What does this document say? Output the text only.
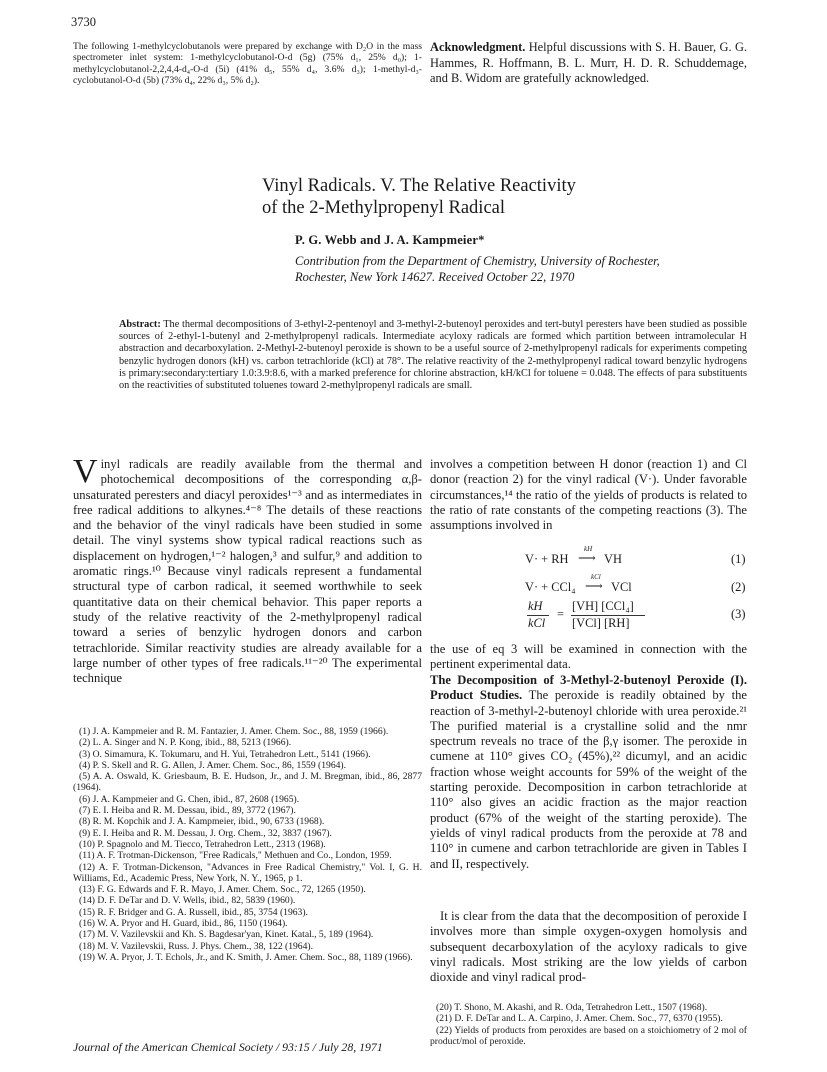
3730
The following 1-methylcyclobutanols were prepared by exchange with D₂O in the mass spectrometer inlet system: 1-methylcyclobutanol-O-d (5g) (75% d₁, 25% d₀); 1-methylcyclobutanol-2,2,4,4-d₄-O-d (5i) (41% d₅, 55% d₄, 3.6% d₃); 1-methyl-d₃-cyclobutanol-O-d (5b) (73% d₄, 22% d₃, 5% d₂).
Acknowledgment. Helpful discussions with S. H. Bauer, G. G. Hammes, R. Hoffmann, B. L. Murr, H. D. R. Schuddemage, and B. Widom are gratefully acknowledged.
Vinyl Radicals. V. The Relative Reactivity
of the 2-Methylpropenyl Radical
P. G. Webb and J. A. Kampmeier*
Contribution from the Department of Chemistry, University of Rochester,
Rochester, New York 14627. Received October 22, 1970
Abstract: The thermal decompositions of 3-ethyl-2-pentenoyl and 3-methyl-2-butenoyl peroxides and tert-butyl peresters have been studied as possible sources of 2-ethyl-1-butenyl and 2-methylpropenyl radicals. Intermediate acyloxy radicals are formed which partition between intramolecular H abstraction and decarboxylation. 2-Methyl-2-butenoyl peroxide is shown to be a useful source of 2-methylpropenyl radicals for experiments competing benzylic hydrogen donors (kH) vs. carbon tetrachloride (kCl) at 78°. The relative reactivity of the 2-methylpropenyl radical toward benzylic hydrogens is primary:secondary:tertiary 1.0:3.9:8.6, with a marked preference for chlorine abstraction, kH/kCl for toluene = 0.048. The effects of para substituents on the reactivities of substituted toluenes toward 2-methylpropenyl radicals are small.
Vinyl radicals are readily available from the thermal and photochemical decompositions of the corresponding α,β-unsaturated peresters and diacyl peroxides¹⁻³ and as intermediates in free radical additions to alkynes.⁴⁻⁸ The details of these reactions and the behavior of the vinyl radicals have been studied in some detail. The vinyl systems show typical radical reactions such as displacement on hydrogen,¹⁻² halogen,³ and sulfur,⁹ and addition to aromatic rings.¹⁰ Because vinyl radicals represent a fundamental structural type of carbon radical, it seemed worthwhile to seek quantitative data on their chemical behavior. This paper reports a study of the relative reactivity of the 2-methylpropenyl radical toward a series of benzylic hydrogen donors and carbon tetrachloride. Similar reactivity studies are already available for a large number of other types of free radicals.¹¹⁻²⁰ The experimental technique

(1) J. A. Kampmeier and R. M. Fantazier, J. Amer. Chem. Soc., 88, 1959 (1966).

(2) L. A. Singer and N. P. Kong, ibid., 88, 5213 (1966).

(3) O. Simamura, K. Tokumaru, and H. Yui, Tetrahedron Lett., 5141 (1966).

(4) P. S. Skell and R. G. Allen, J. Amer. Chem. Soc., 86, 1559 (1964).

(5) A. A. Oswald, K. Griesbaum, B. E. Hudson, Jr., and J. M. Bregman, ibid., 86, 2877 (1964).

(6) J. A. Kampmeier and G. Chen, ibid., 87, 2608 (1965).

(7) E. I. Heiba and R. M. Dessau, ibid., 89, 3772 (1967).

(8) R. M. Kopchik and J. A. Kampmeier, ibid., 90, 6733 (1968).

(9) E. I. Heiba and R. M. Dessau, J. Org. Chem., 32, 3837 (1967).

(10) P. Spagnolo and M. Tiecco, Tetrahedron Lett., 2313 (1968).

(11) A. F. Trotman-Dickenson, "Free Radicals," Methuen and Co., London, 1959.

(12) A. F. Trotman-Dickenson, "Advances in Free Radical Chemistry," Vol. I, G. H. Williams, Ed., Academic Press, New York, N. Y., 1965, p 1.

(13) F. G. Edwards and F. R. Mayo, J. Amer. Chem. Soc., 72, 1265 (1950).

(14) D. F. DeTar and D. V. Wells, ibid., 82, 5839 (1960).

(15) R. F. Bridger and G. A. Russell, ibid., 85, 3754 (1963).

(16) W. A. Pryor and H. Guard, ibid., 86, 1150 (1964).

(17) M. V. Vazilevskii and Kh. S. Bagdesar'yan, Kinet. Katal., 5, 189 (1964).

(18) M. V. Vazilevskii, Russ. J. Phys. Chem., 38, 122 (1964).

(19) W. A. Pryor, J. T. Echols, Jr., and K. Smith, J. Amer. Chem. Soc., 88, 1189 (1966).

involves a competition between H donor (reaction 1) and Cl donor (reaction 2) for the vinyl radical (V·). Under favorable circumstances,¹⁴ the ratio of the yields of products is related to the ratio of rate constants of the competing reactions (3). The assumptions involved in
V· + RH
kH
⟶ VH	(1)
V· + CCl₄
kCl
⟶ VCl	(2)
kH
kCl
=
[VH] [CCl₄]
[VCl] [RH]
(3)
the use of eq 3 will be examined in connection with the pertinent experimental data.
The Decomposition of 3-Methyl-2-butenoyl Peroxide (I). Product Studies. The peroxide is readily obtained by the reaction of 3-methyl-2-butenoyl chloride with urea peroxide.²¹ The purified material is a crystalline solid and the nmr spectrum reveals no trace of the β,γ isomer. The peroxide in cumene at 110° gives CO₂ (45%),²² dicumyl, and an acidic fraction whose weight accounts for 59% of the weight of the starting peroxide. Decomposition in carbon tetrachloride at 110° also gives an acidic fraction as the major reaction product (67% of the weight of the starting peroxide). The yields of vinyl radical products from the peroxide at 78 and 110° in cumene and carbon tetrachloride are given in Tables I and II, respectively.
It is clear from the data that the decomposition of peroxide I involves more than simple oxygen-oxygen homolysis and subsequent decarboxylation of the acyloxy radicals to give vinyl radicals. Most striking are the low yields of carbon dioxide and vinyl radical prod-

(20) T. Shono, M. Akashi, and R. Oda, Tetrahedron Lett., 1507 (1968).

(21) D. F. DeTar and L. A. Carpino, J. Amer. Chem. Soc., 77, 6370 (1955).

(22) Yields of products from peroxides are based on a stoichiometry of 2 mol of product/mol of peroxide.

Journal of the American Chemical Society / 93:15 / July 28, 1971
